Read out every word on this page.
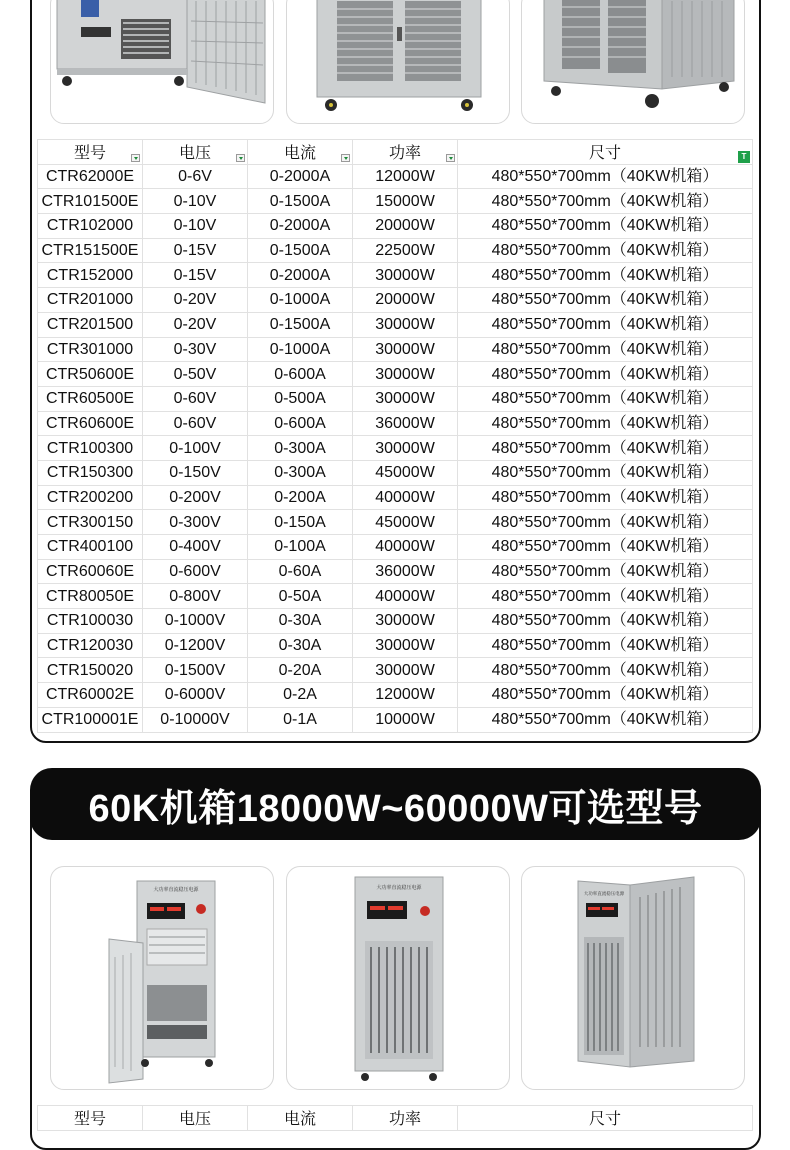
型号	电压	电流	功率	尺寸 T

CTR62000E	0-6V	0-2000A	12000W	480*550*700mm（40KW机箱）
CTR101500E	0-10V	0-1500A	15000W	480*550*700mm（40KW机箱）
CTR102000	0-10V	0-2000A	20000W	480*550*700mm（40KW机箱）
CTR151500E	0-15V	0-1500A	22500W	480*550*700mm（40KW机箱）
CTR152000	0-15V	0-2000A	30000W	480*550*700mm（40KW机箱）
CTR201000	0-20V	0-1000A	20000W	480*550*700mm（40KW机箱）
CTR201500	0-20V	0-1500A	30000W	480*550*700mm（40KW机箱）
CTR301000	0-30V	0-1000A	30000W	480*550*700mm（40KW机箱）
CTR50600E	0-50V	0-600A	30000W	480*550*700mm（40KW机箱）
CTR60500E	0-60V	0-500A	30000W	480*550*700mm（40KW机箱）
CTR60600E	0-60V	0-600A	36000W	480*550*700mm（40KW机箱）
CTR100300	0-100V	0-300A	30000W	480*550*700mm（40KW机箱）
CTR150300	0-150V	0-300A	45000W	480*550*700mm（40KW机箱）
CTR200200	0-200V	0-200A	40000W	480*550*700mm（40KW机箱）
CTR300150	0-300V	0-150A	45000W	480*550*700mm（40KW机箱）
CTR400100	0-400V	0-100A	40000W	480*550*700mm（40KW机箱）
CTR60060E	0-600V	0-60A	36000W	480*550*700mm（40KW机箱）
CTR80050E	0-800V	0-50A	40000W	480*550*700mm（40KW机箱）
CTR100030	0-1000V	0-30A	30000W	480*550*700mm（40KW机箱）
CTR120030	0-1200V	0-30A	30000W	480*550*700mm（40KW机箱）
CTR150020	0-1500V	0-20A	30000W	480*550*700mm（40KW机箱）
CTR60002E	0-6000V	0-2A	12000W	480*550*700mm（40KW机箱）
CTR100001E	0-10000V	0-1A	10000W	480*550*700mm（40KW机箱）
60K机箱18000W~60000W可选型号
大功率直流稳压电源	大功率直流稳压电源
大功率直流稳压电源
型号	电压	电流	功率	尺寸
